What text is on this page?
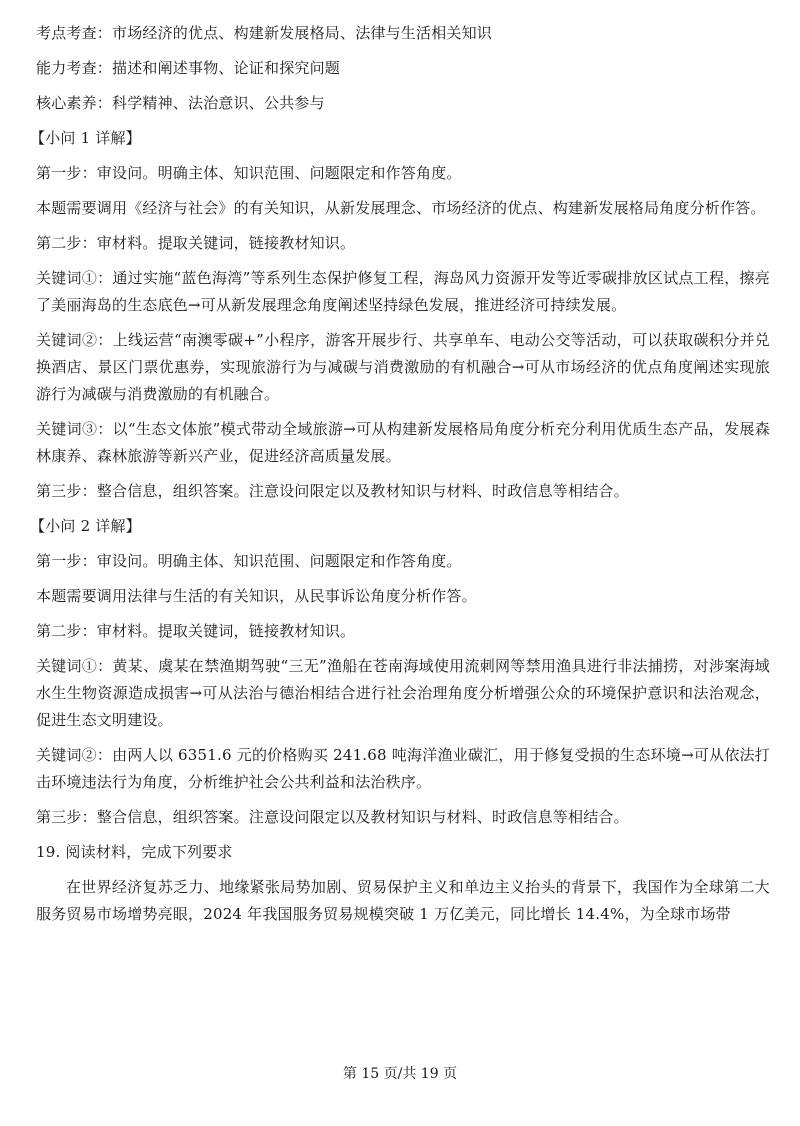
考点考查：市场经济的优点、构建新发展格局、法律与生活相关知识

能力考查：描述和阐述事物、论证和探究问题

核心素养：科学精神、法治意识、公共参与

【小问 1 详解】

第一步：审设问。明确主体、知识范围、问题限定和作答角度。

本题需要调用《经济与社会》的有关知识，从新发展理念、市场经济的优点、构建新发展格局角度分析作答。

第二步：审材料。提取关键词，链接教材知识。

关键词①：通过实施“蓝色海湾”等系列生态保护修复工程，海岛风力资源开发等近零碳排放区试点工程，擦亮了美丽海岛的生态底色→可从新发展理念角度阐述坚持绿色发展，推进经济可持续发展。

关键词②：上线运营“南澳零碳+”小程序，游客开展步行、共享单车、电动公交等活动，可以获取碳积分并兑换酒店、景区门票优惠券，实现旅游行为与减碳与消费激励的有机融合→可从市场经济的优点角度阐述实现旅游行为减碳与消费激励的有机融合。

关键词③：以“生态文体旅”模式带动全域旅游→可从构建新发展格局角度分析充分利用优质生态产品，发展森林康养、森林旅游等新兴产业，促进经济高质量发展。

第三步：整合信息，组织答案。注意设问限定以及教材知识与材料、时政信息等相结合。

【小问 2 详解】

第一步：审设问。明确主体、知识范围、问题限定和作答角度。

本题需要调用法律与生活的有关知识，从民事诉讼角度分析作答。

第二步：审材料。提取关键词，链接教材知识。

关键词①：黄某、虞某在禁渔期驾驶“三无”渔船在苍南海域使用流刺网等禁用渔具进行非法捕捞，对涉案海域水生生物资源造成损害→可从法治与德治相结合进行社会治理角度分析增强公众的环境保护意识和法治观念，促进生态文明建设。

关键词②：由两人以 6351.6 元的价格购买 241.68 吨海洋渔业碳汇，用于修复受损的生态环境→可从依法打击环境违法行为角度，分析维护社会公共利益和法治秩序。

第三步：整合信息，组织答案。注意设问限定以及教材知识与材料、时政信息等相结合。

19. 阅读材料，完成下列要求

在世界经济复苏乏力、地缘紧张局势加剧、贸易保护主义和单边主义抬头的背景下，我国作为全球第二大服务贸易市场增势亮眼，2024 年我国服务贸易规模突破 1 万亿美元，同比增长 14.4%，为全球市场带

第 15 页/共 19 页
